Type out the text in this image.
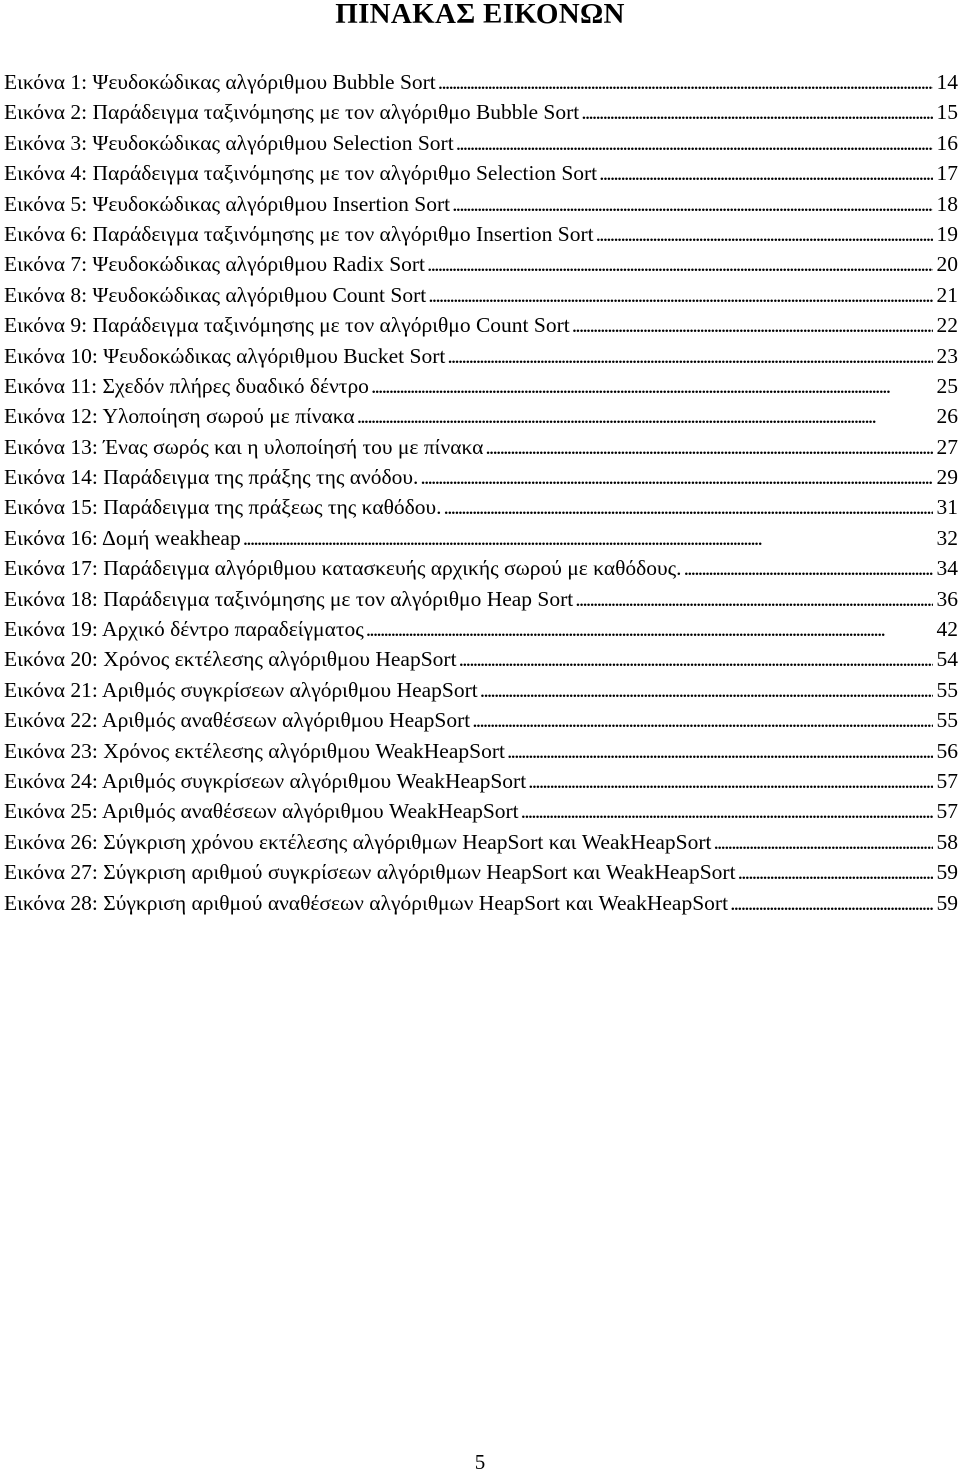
ΠΙΝΑΚΑΣ ΕΙΚΟΝΩΝ
Εικόνα 1: Ψευδοκώδικας αλγόριθμου Bubble Sort . . .	14
Εικόνα 2: Παράδειγμα ταξινόμησης με τον αλγόριθμο Bubble Sort . . .	15
Εικόνα 3: Ψευδοκώδικας αλγόριθμου Selection Sort . . .	16
Εικόνα 4: Παράδειγμα ταξινόμησης με τον αλγόριθμο Selection Sort . . .	17
Εικόνα 5: Ψευδοκώδικας αλγόριθμου Insertion Sort . . .	18
Εικόνα 6: Παράδειγμα ταξινόμησης με τον αλγόριθμο Insertion Sort . . .	19
Εικόνα 7: Ψευδοκώδικας αλγόριθμου Radix Sort . . .	20
Εικόνα 8: Ψευδοκώδικας αλγόριθμου Count Sort . . .	21
Εικόνα 9: Παράδειγμα ταξινόμησης με τον αλγόριθμο Count Sort . . .	22
Εικόνα 10: Ψευδοκώδικας αλγόριθμου Bucket Sort . . .	23
Εικόνα 11: Σχεδόν πλήρες δυαδικό δέντρο . . .	25
Εικόνα 12: Υλοποίηση σωρού με πίνακα . . .	26
Εικόνα 13: Ένας σωρός και η υλοποίησή του με πίνακα . . .	27
Εικόνα 14: Παράδειγμα της πράξης της ανόδου. . . .	29
Εικόνα 15: Παράδειγμα της πράξεως της καθόδου. . . .	31
Εικόνα 16: Δομή weakheap . . .	32
Εικόνα 17: Παράδειγμα αλγόριθμου κατασκευής αρχικής σωρού με καθόδους. . . .	34
Εικόνα 18: Παράδειγμα ταξινόμησης με τον αλγόριθμο Heap Sort . . .	36
Εικόνα 19: Αρχικό δέντρο παραδείγματος . . .	42
Εικόνα 20: Χρόνος εκτέλεσης αλγόριθμου HeapSort . . .	54
Εικόνα 21: Αριθμός συγκρίσεων αλγόριθμου HeapSort . . .	55
Εικόνα 22: Αριθμός αναθέσεων αλγόριθμου HeapSort . . .	55
Εικόνα 23: Χρόνος εκτέλεσης αλγόριθμου WeakHeapSort . . .	56
Εικόνα 24: Αριθμός συγκρίσεων αλγόριθμου WeakHeapSort . . .	57
Εικόνα 25: Αριθμός αναθέσεων αλγόριθμου WeakHeapSort . . .	57
Εικόνα 26: Σύγκριση χρόνου εκτέλεσης αλγόριθμων HeapSort και WeakHeapSort . . .	58
Εικόνα 27: Σύγκριση αριθμού συγκρίσεων αλγόριθμων HeapSort και WeakHeapSort . . .	59
Εικόνα 28: Σύγκριση αριθμού αναθέσεων αλγόριθμων HeapSort και WeakHeapSort . . .	59
5
